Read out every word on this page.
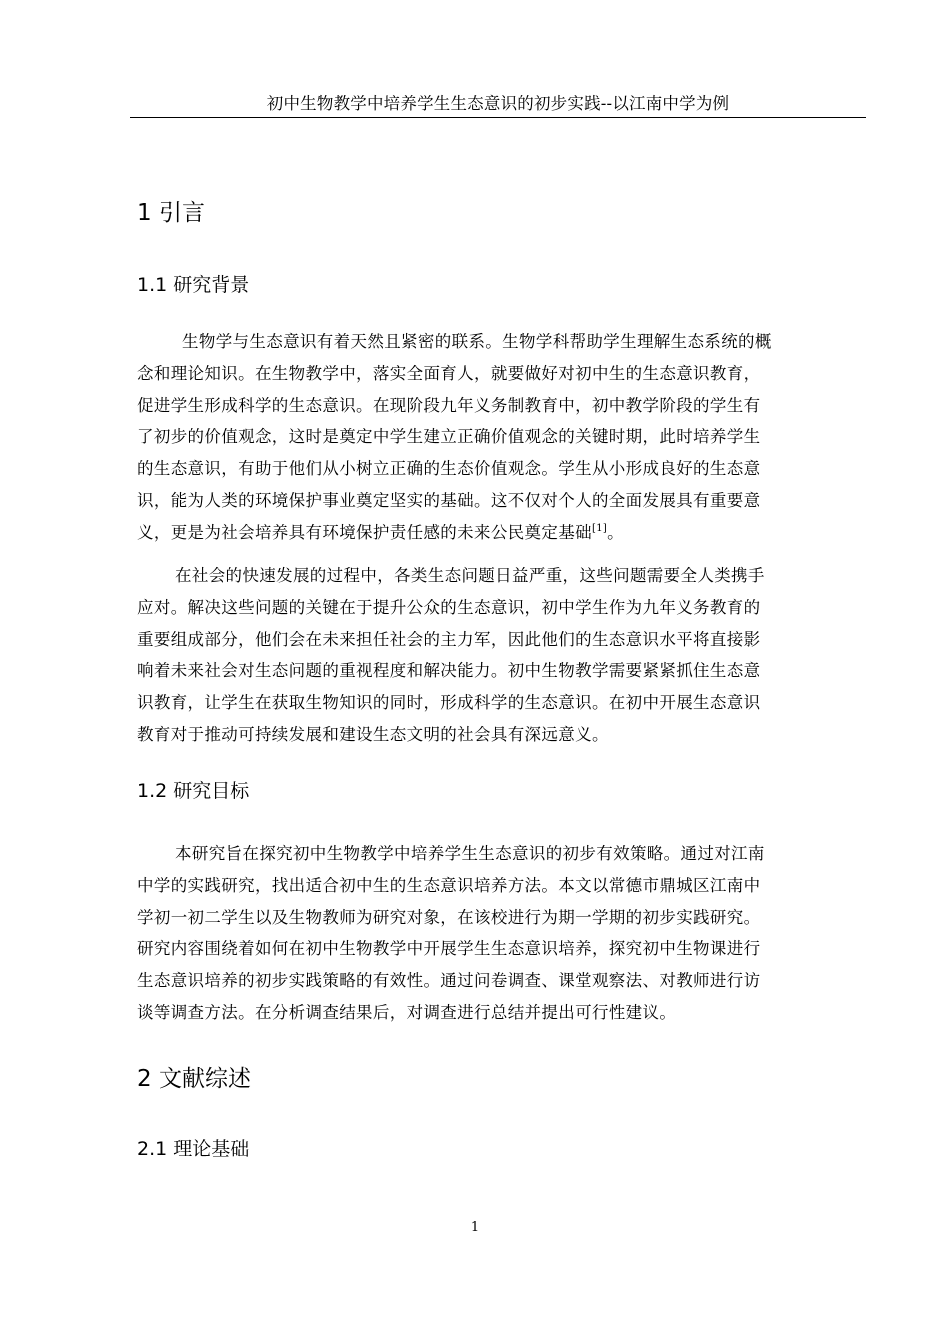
初中生物教学中培养学生生态意识的初步实践--以江南中学为例
1 引言
1.1 研究背景
生物学与生态意识有着天然且紧密的联系。生物学科帮助学生理解生态系统的概
念和理论知识。在生物教学中，落实全面育人，就要做好对初中生的生态意识教育，
促进学生形成科学的生态意识。在现阶段九年义务制教育中，初中教学阶段的学生有
了初步的价值观念，这时是奠定中学生建立正确价值观念的关键时期，此时培养学生
的生态意识，有助于他们从小树立正确的生态价值观念。学生从小形成良好的生态意
识，能为人类的环境保护事业奠定坚实的基础。这不仅对个人的全面发展具有重要意
义，更是为社会培养具有环境保护责任感的未来公民奠定基础[1]。
在社会的快速发展的过程中，各类生态问题日益严重，这些问题需要全人类携手
应对。解决这些问题的关键在于提升公众的生态意识，初中学生作为九年义务教育的
重要组成部分，他们会在未来担任社会的主力军，因此他们的生态意识水平将直接影
响着未来社会对生态问题的重视程度和解决能力。初中生物教学需要紧紧抓住生态意
识教育，让学生在获取生物知识的同时，形成科学的生态意识。在初中开展生态意识
教育对于推动可持续发展和建设生态文明的社会具有深远意义。
1.2 研究目标
本研究旨在探究初中生物教学中培养学生生态意识的初步有效策略。通过对江南
中学的实践研究，找出适合初中生的生态意识培养方法。本文以常德市鼎城区江南中
学初一初二学生以及生物教师为研究对象，在该校进行为期一学期的初步实践研究。
研究内容围绕着如何在初中生物教学中开展学生生态意识培养，探究初中生物课进行
生态意识培养的初步实践策略的有效性。通过问卷调查、课堂观察法、对教师进行访
谈等调查方法。在分析调查结果后，对调查进行总结并提出可行性建议。
2 文献综述
2.1 理论基础
1
